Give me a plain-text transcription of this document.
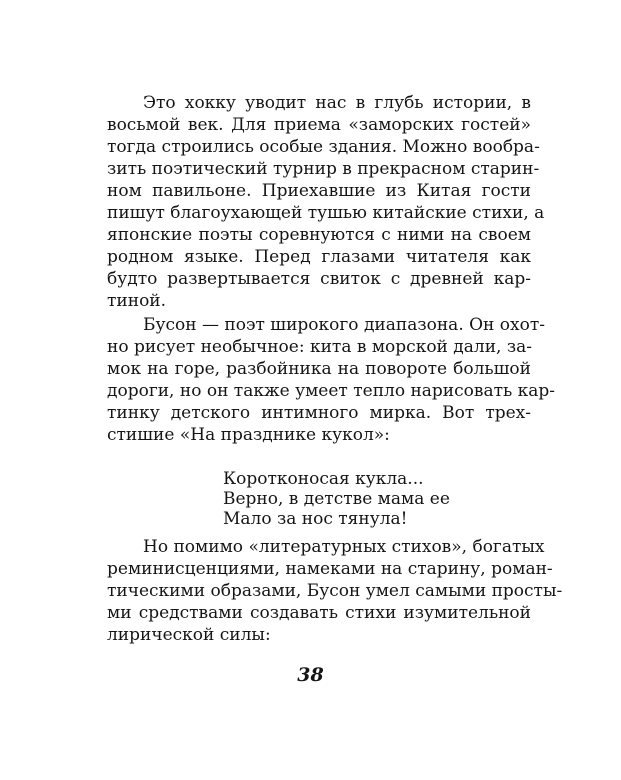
Это хокку уводит нас в глубь истории, в
восьмой век. Для приема «заморских гостей»
тогда строились особые здания. Можно вообра-
зить поэтический турнир в прекрасном старин-
ном павильоне. Приехавшие из Китая гости
пишут благоухающей тушью китайские стихи, а
японские поэты соревнуются с ними на своем
родном языке. Перед глазами читателя как
будто развертывается свиток с древней кар-
тиной.
Бусон — поэт широкого диапазона. Он охот-
но рисует необычное: кита в морской дали, за-
мок на горе, разбойника на повороте большой
дороги, но он также умеет тепло нарисовать кар-
тинку детского интимного мирка. Вот трех-
стишие «На празднике кукол»:
Коротконосая кукла...
Верно, в детстве мама ее
Мало за нос тянула!
Но помимо «литературных стихов», богатых
реминисценциями, намеками на старину, роман-
тическими образами, Бусон умел самыми просты-
ми средствами создавать стихи изумительной
лирической силы:
38
